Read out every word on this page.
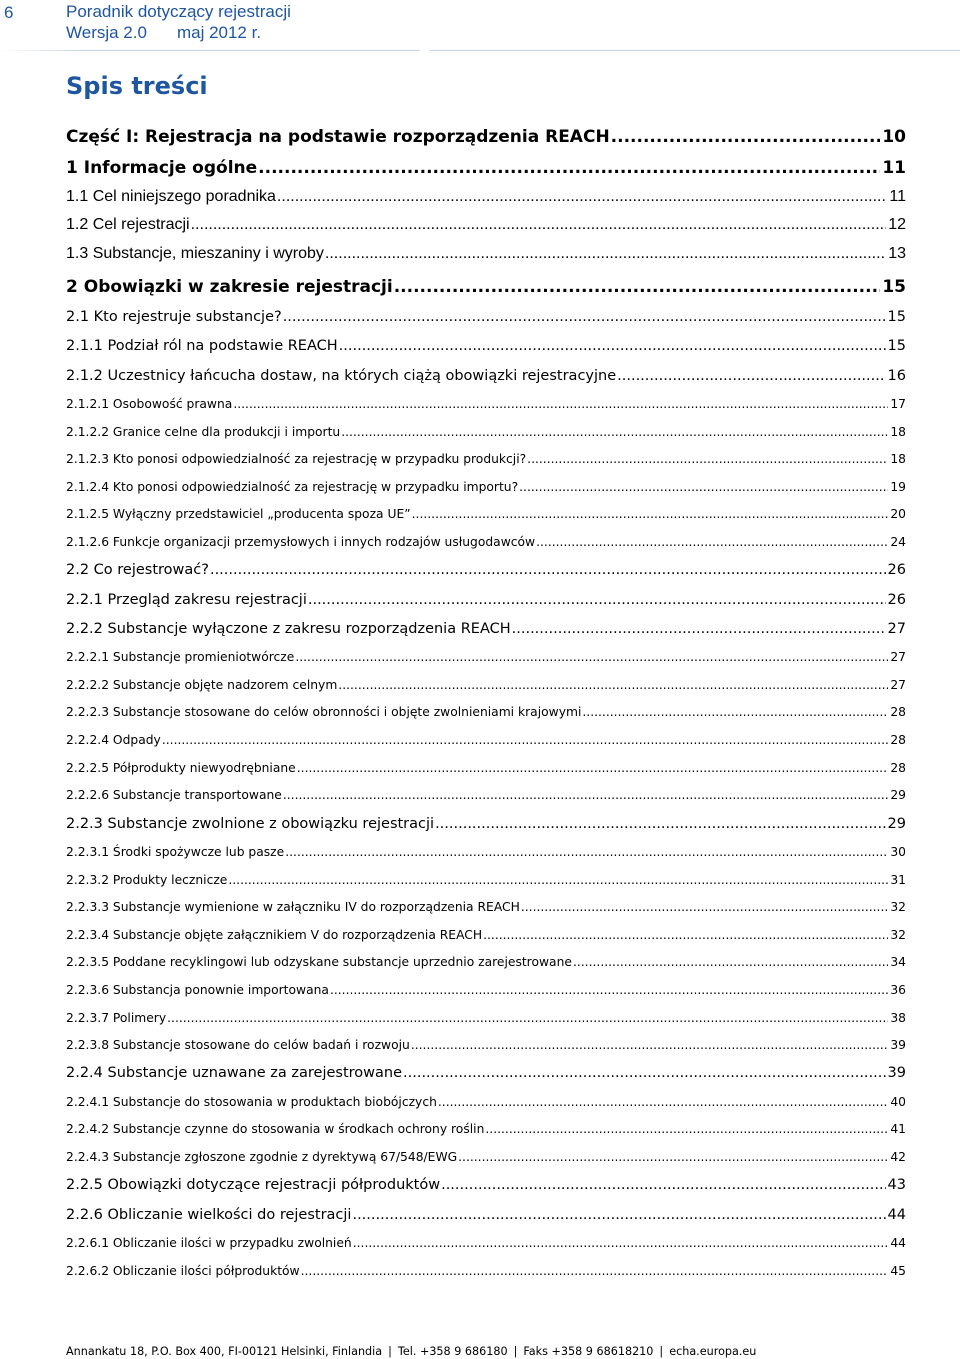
6	Poradnik dotyczący rejestracji
Wersja 2.0 maj 2012 r.
Spis treści
Część I: Rejestracja na podstawie rozporządzenia REACH .....	10
1 Informacje ogólne .....	11
1.1 Cel niniejszego poradnika .....	11
1.2 Cel rejestracji .....	12
1.3 Substancje, mieszaniny i wyroby .....	13
2 Obowiązki w zakresie rejestracji .....	15
2.1 Kto rejestruje substancje? .....	15
2.1.1 Podział ról na podstawie REACH .....	15
2.1.2 Uczestnicy łańcucha dostaw, na których ciążą obowiązki rejestracyjne .....	16
2.1.2.1 Osobowość prawna .....	17
2.1.2.2 Granice celne dla produkcji i importu .....	18
2.1.2.3 Kto ponosi odpowiedzialność za rejestrację w przypadku produkcji? .....	18
2.1.2.4 Kto ponosi odpowiedzialność za rejestrację w przypadku importu? .....	19
2.1.2.5 Wyłączny przedstawiciel „producenta spoza UE” .....	20
2.1.2.6 Funkcje organizacji przemysłowych i innych rodzajów usługodawców .....	24
2.2 Co rejestrować? .....	26
2.2.1 Przegląd zakresu rejestracji .....	26
2.2.2 Substancje wyłączone z zakresu rozporządzenia REACH .....	27
2.2.2.1 Substancje promieniotwórcze .....	27
2.2.2.2 Substancje objęte nadzorem celnym .....	27
2.2.2.3 Substancje stosowane do celów obronności i objęte zwolnieniami krajowymi .....	28
2.2.2.4 Odpady .....	28
2.2.2.5 Półprodukty niewyodrębniane .....	28
2.2.2.6 Substancje transportowane .....	29
2.2.3 Substancje zwolnione z obowiązku rejestracji .....	29
2.2.3.1 Środki spożywcze lub pasze .....	30
2.2.3.2 Produkty lecznicze .....	31
2.2.3.3 Substancje wymienione w załączniku IV do rozporządzenia REACH .....	32
2.2.3.4 Substancje objęte załącznikiem V do rozporządzenia REACH .....	32
2.2.3.5 Poddane recyklingowi lub odzyskane substancje uprzednio zarejestrowane .....	34
2.2.3.6 Substancja ponownie importowana .....	36
2.2.3.7 Polimery .....	38
2.2.3.8 Substancje stosowane do celów badań i rozwoju .....	39
2.2.4 Substancje uznawane za zarejestrowane .....	39
2.2.4.1 Substancje do stosowania w produktach biobójczych .....	40
2.2.4.2 Substancje czynne do stosowania w środkach ochrony roślin .....	41
2.2.4.3 Substancje zgłoszone zgodnie z dyrektywą 67/548/EWG .....	42
2.2.5 Obowiązki dotyczące rejestracji półproduktów .....	43
2.2.6 Obliczanie wielkości do rejestracji .....	44
2.2.6.1 Obliczanie ilości w przypadku zwolnień .....	44
2.2.6.2 Obliczanie ilości półproduktów .....	45
Annankatu 18, P.O. Box 400, FI-00121 Helsinki, Finlandia | Tel. +358 9 686180 | Faks +358 9 68618210 | echa.europa.eu
